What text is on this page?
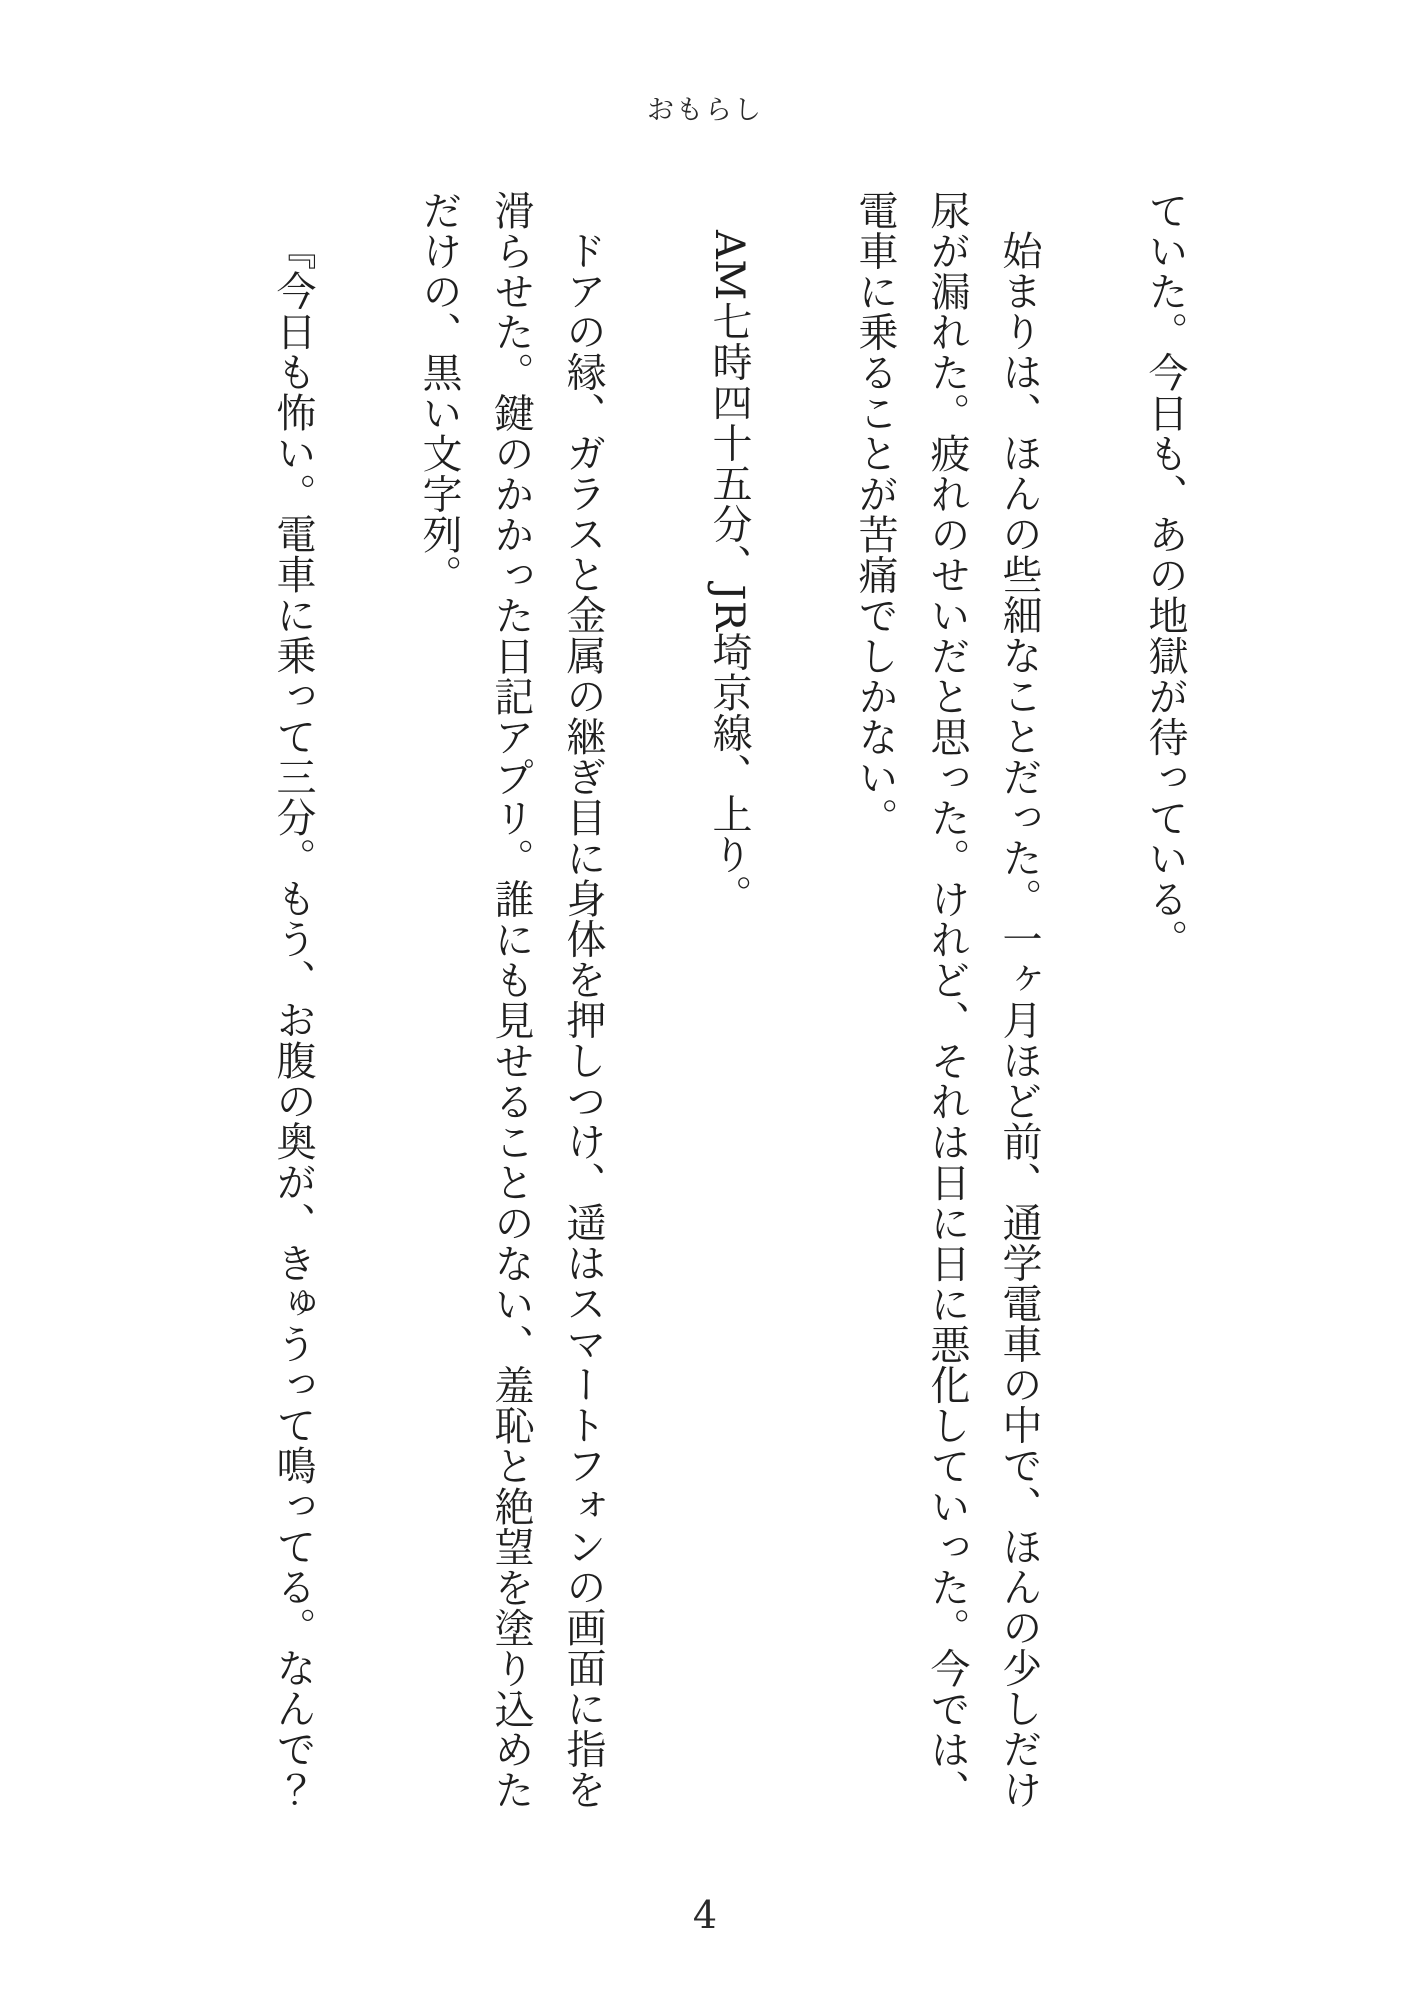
おもらし
ていた。今日も、あの地獄が待っている。
始まりは、ほんの些細なことだった。一ヶ月ほど前、通学電車の中で、ほんの少しだけ
尿が漏れた。疲れのせいだと思った。けれど、それは日に日に悪化していった。今では、
電車に乗ることが苦痛でしかない。
AM七時四十五分、JR埼京線、上り。
ドアの縁、ガラスと金属の継ぎ目に身体を押しつけ、遥はスマートフォンの画面に指を
滑らせた。鍵のかかった日記アプリ。誰にも見せることのない、羞恥と絶望を塗り込めた
だけの、黒い文字列。
『今日も怖い。電車に乗って三分。もう、お腹の奥が、きゅうって鳴ってる。なんで？
4
